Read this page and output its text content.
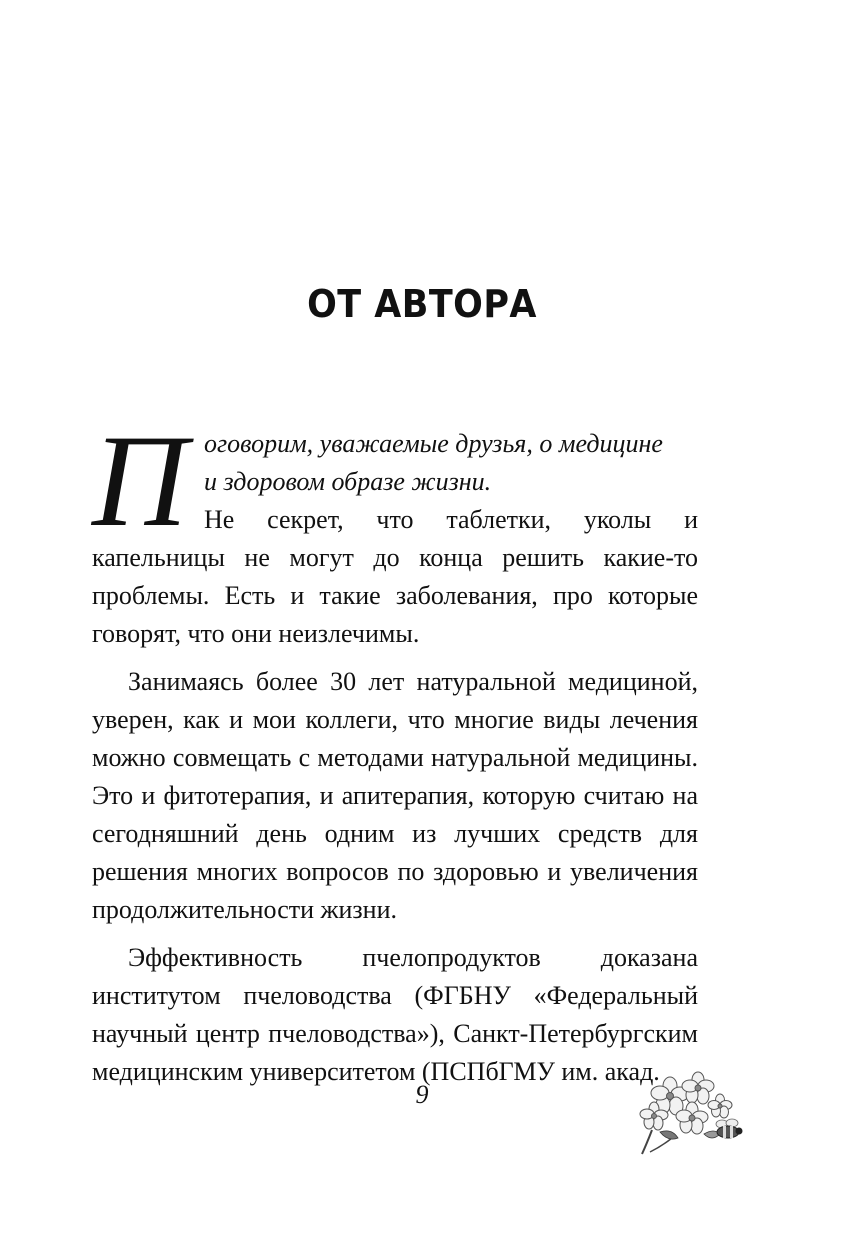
ОТ АВТОРА
П оговорим, уважаемые друзья, о медицине
и здоровом образе жизни.
Не секрет, что таблетки, уколы и капельницы не могут до конца решить какие-то проблемы. Есть и такие заболевания, про которые говорят, что они неизлечимы.

Занимаясь более 30 лет натуральной медициной, уверен, как и мои коллеги, что многие виды лечения можно совмещать с методами натуральной медицины. Это и фитотерапия, и апитерапия, которую считаю на сегодняшний день одним из лучших средств для решения многих вопросов по здоровью и увеличения продолжительности жизни.

Эффективность пчелопродуктов доказана институтом пчеловодства (ФГБНУ «Федеральный научный центр пчеловодства»), Санкт-Петербургским медицинским университетом (ПСПбГМУ им. акад.

9
